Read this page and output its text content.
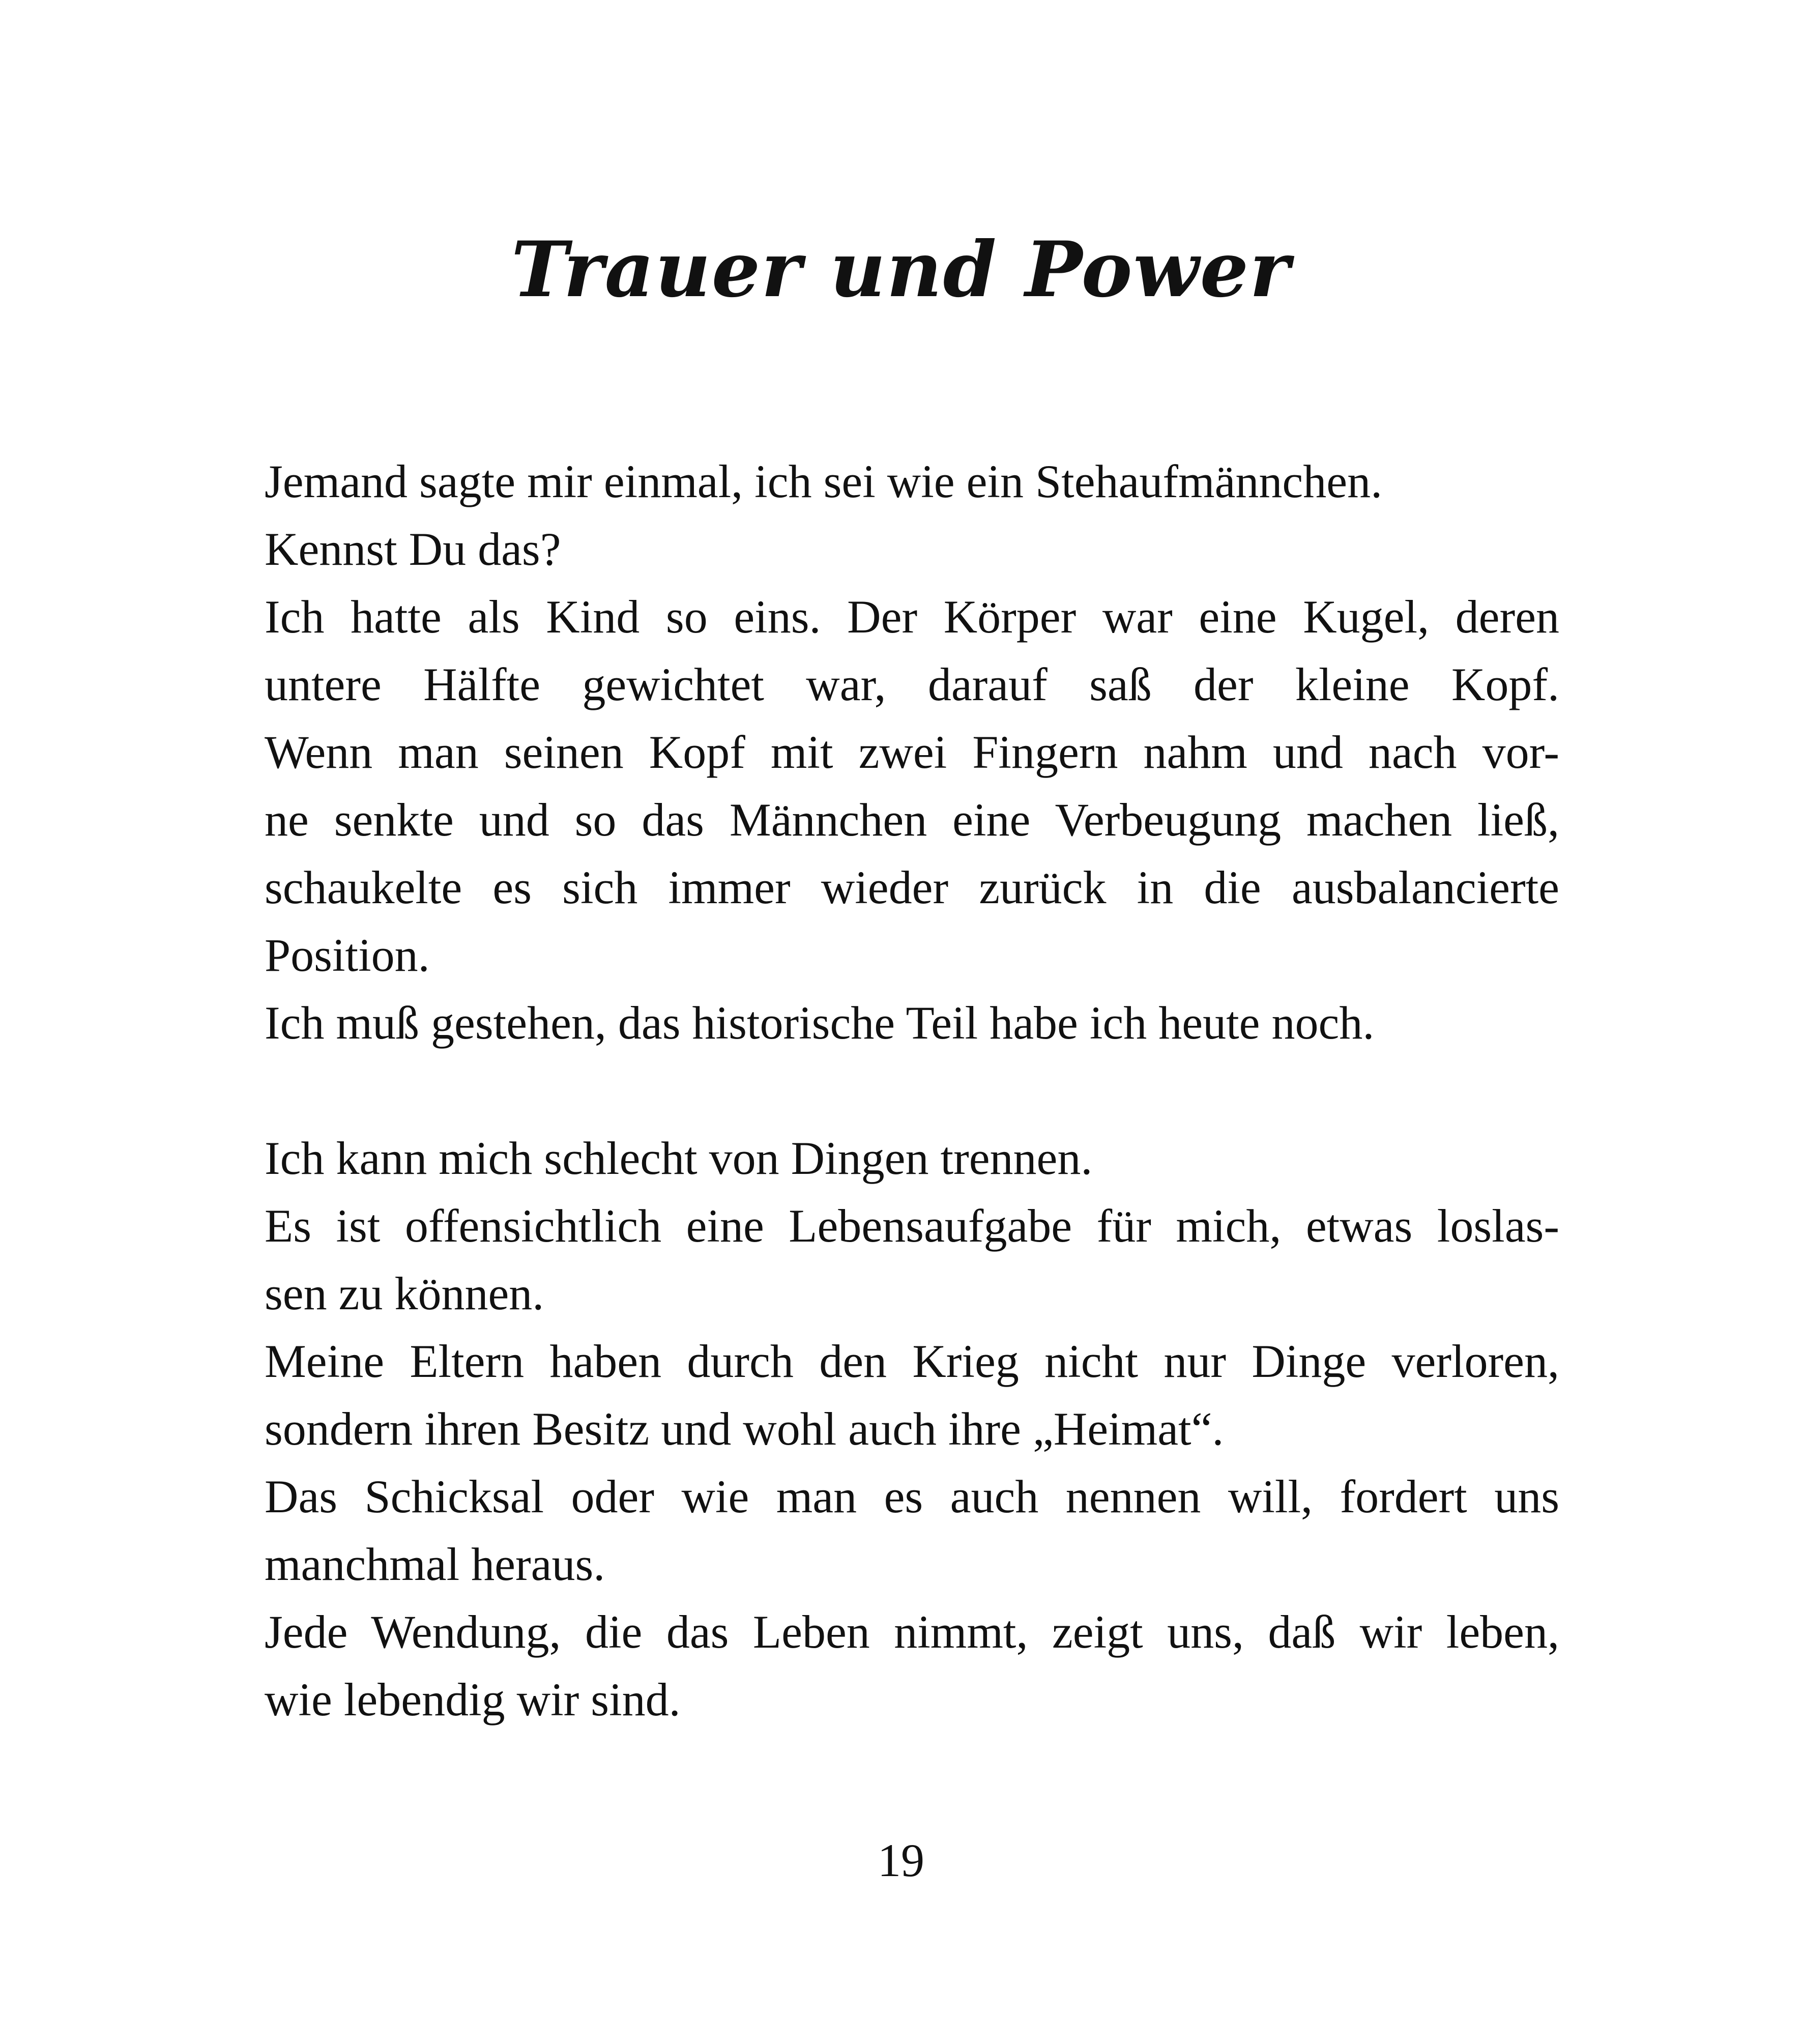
Trauer und Power
Jemand sagte mir einmal, ich sei wie ein Stehaufmännchen.
Kennst Du das?
Ich hatte als Kind so eins. Der Körper war eine Kugel, deren
untere Hälfte gewichtet war, darauf saß der kleine Kopf.
Wenn man seinen Kopf mit zwei Fingern nahm und nach vor-
ne senkte und so das Männchen eine Verbeugung machen ließ,
schaukelte es sich immer wieder zurück in die ausbalancierte
Position.
Ich muß gestehen, das historische Teil habe ich heute noch.
Ich kann mich schlecht von Dingen trennen.
Es ist offensichtlich eine Lebensaufgabe für mich, etwas loslas-
sen zu können.
Meine Eltern haben durch den Krieg nicht nur Dinge verloren,
sondern ihren Besitz und wohl auch ihre „Heimat“.
Das Schicksal oder wie man es auch nennen will, fordert uns
manchmal heraus.
Jede Wendung, die das Leben nimmt, zeigt uns, daß wir leben,
wie lebendig wir sind.
19
